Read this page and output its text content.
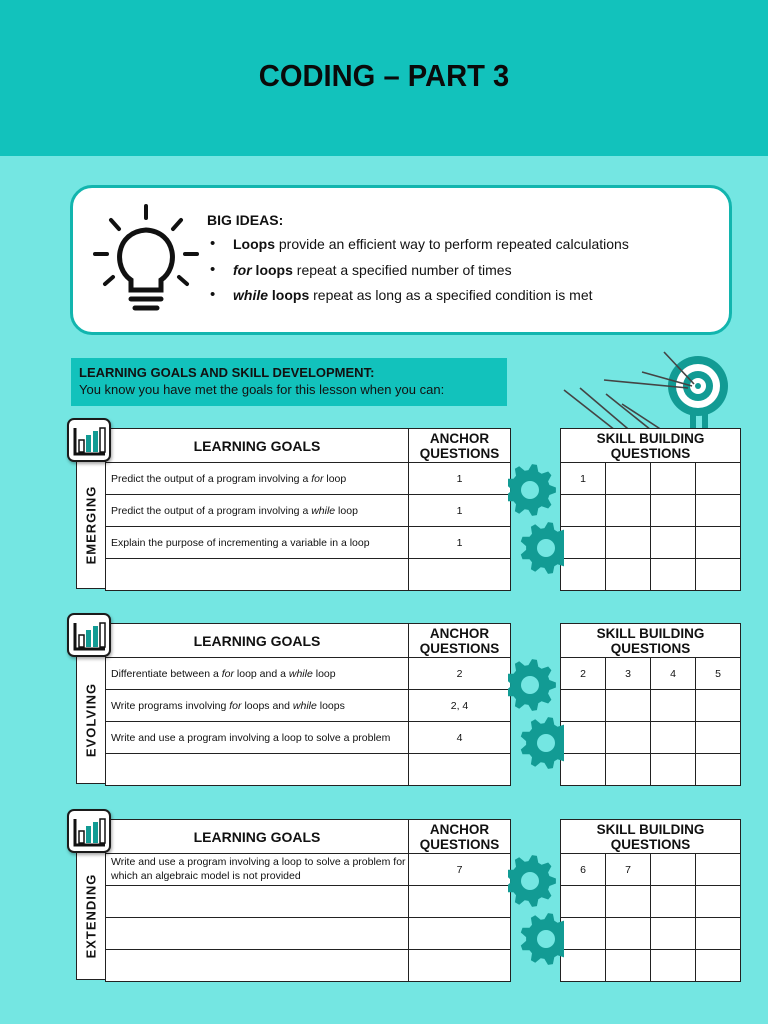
CODING – PART 3
BIG IDEAS:
• Loops provide an efficient way to perform repeated calculations
• for loops repeat a specified number of times
• while loops repeat as long as a specified condition is met
LEARNING GOALS AND SKILL DEVELOPMENT:
You know you have met the goals for this lesson when you can:
EMERGING
LEARNING GOALS	ANCHOR
QUESTIONS

Predict the output of a program involving a for loop	1
Predict the output of a program involving a while loop	1
Explain the purpose of incrementing a variable in a loop	1

SKILL BUILDING
QUESTIONS			

1			

EVOLVING
LEARNING GOALS	ANCHOR
QUESTIONS

Differentiate between a for loop and a while loop	2
Write programs involving for loops and while loops	2, 4
Write and use a program involving a loop to solve a problem	4

SKILL BUILDING
QUESTIONS			

2	3	4	5

EXTENDING
LEARNING GOALS	ANCHOR
QUESTIONS

Write and use a program involving a loop to solve a problem for which an algebraic model is not provided	7

SKILL BUILDING
QUESTIONS			

6	7		
